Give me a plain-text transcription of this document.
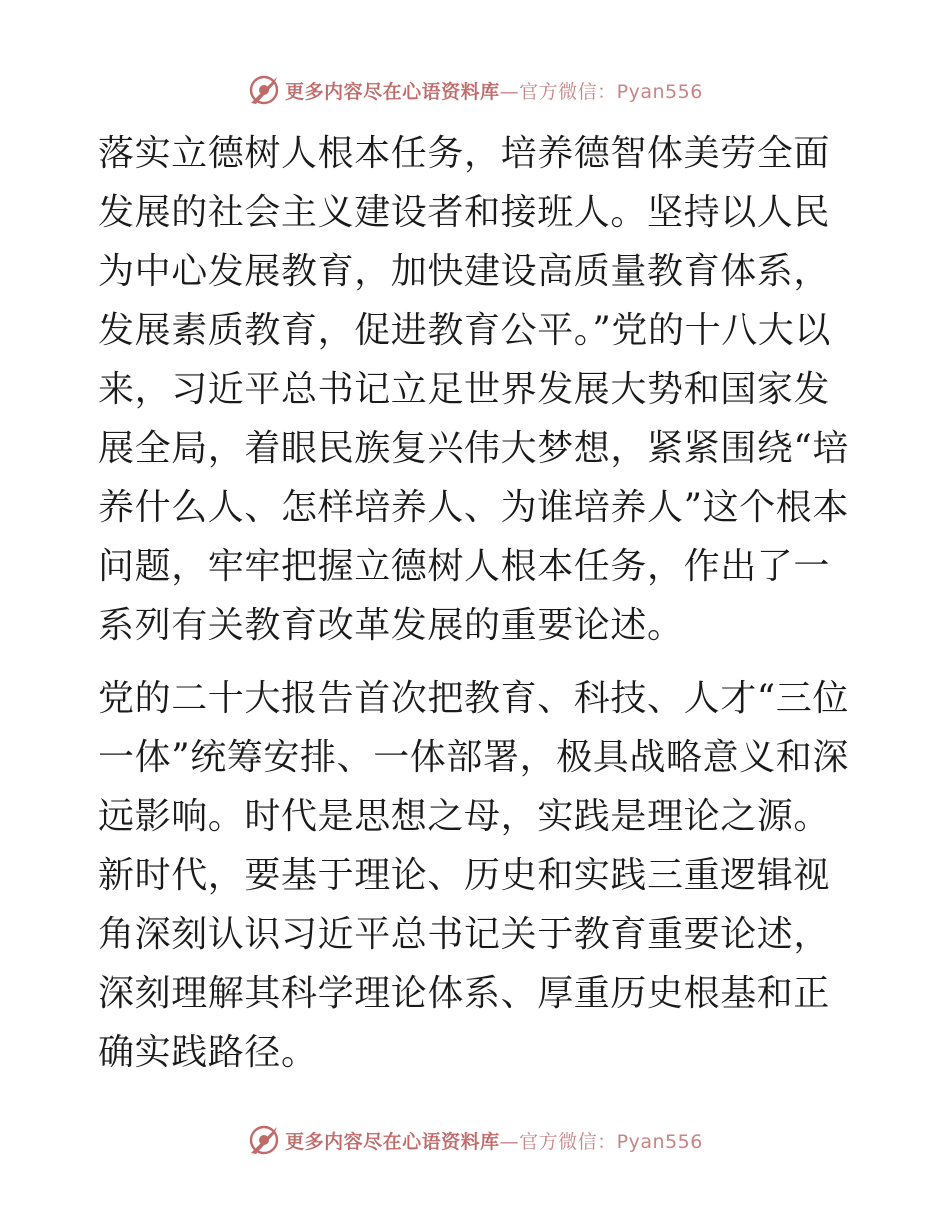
更多内容尽在心语资料库—官方微信：Pyan556

落实立德树人根本任务，培养德智体美劳全面发展的社会主义建设者和接班人。坚持以人民为中心发展教育，加快建设高质量教育体系，发展素质教育，促进教育公平。”党的十八大以来，习近平总书记立足世界发展大势和国家发展全局，着眼民族复兴伟大梦想，紧紧围绕“培养什么人、怎样培养人、为谁培养人”这个根本问题，牢牢把握立德树人根本任务，作出了一系列有关教育改革发展的重要论述。

党的二十大报告首次把教育、科技、人才“三位一体”统筹安排、一体部署，极具战略意义和深远影响。时代是思想之母，实践是理论之源。新时代，要基于理论、历史和实践三重逻辑视角深刻认识习近平总书记关于教育重要论述，深刻理解其科学理论体系、厚重历史根基和正确实践路径。

更多内容尽在心语资料库—官方微信：Pyan556
